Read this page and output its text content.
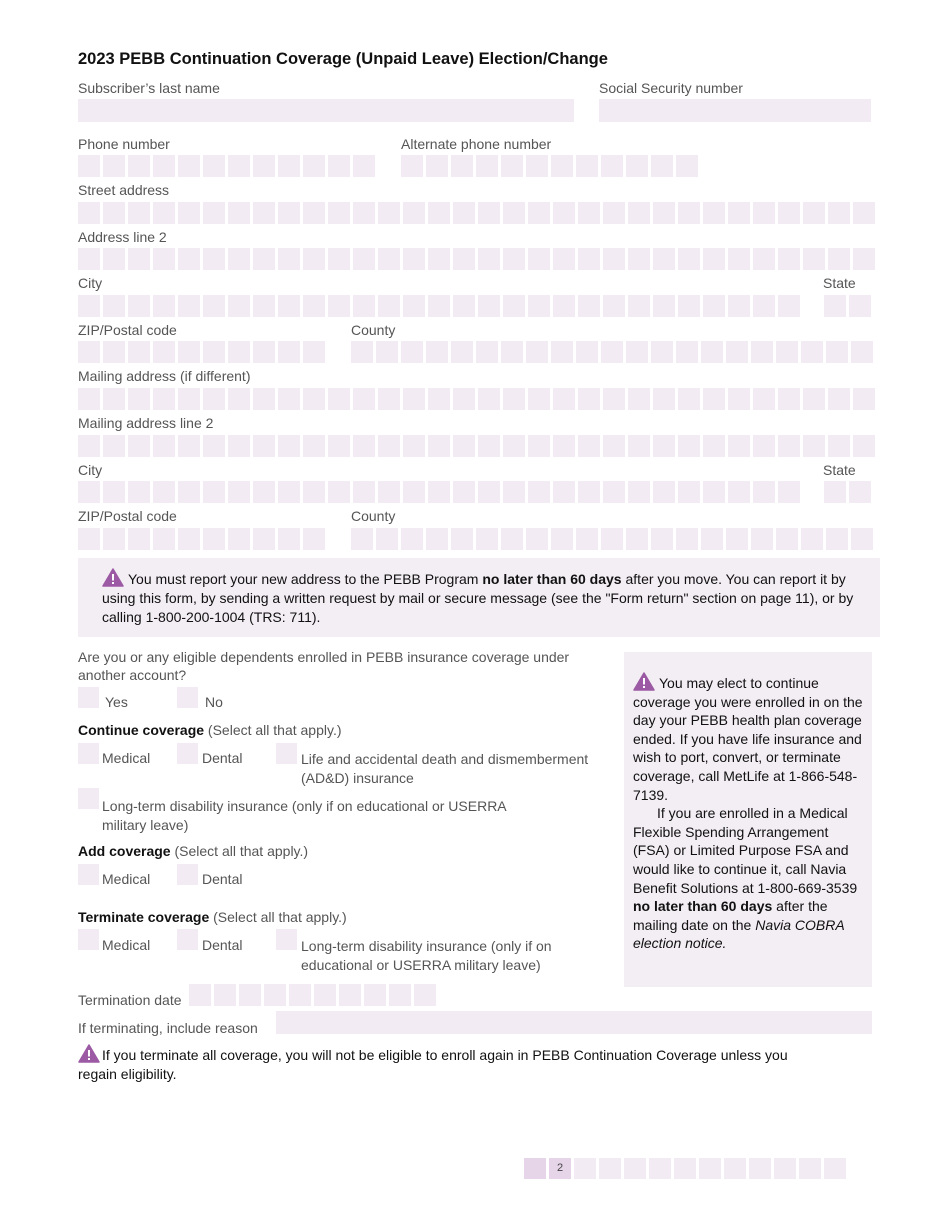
2023 PEBB Continuation Coverage (Unpaid Leave) Election/Change
Subscriber’s last name	Social Security number
Phone number	Alternate phone number
Street address
Address line 2
City	State
ZIP/Postal code	County
Mailing address (if different)
Mailing address line 2
City	State
ZIP/Postal code	County
You must report your new address to the PEBB Program no later than 60 days after you move. You can report it by using this form, by sending a written request by mail or secure message (see the "Form return" section on page 11), or by calling 1-800-200-1004 (TRS: 711).
Are you or any eligible dependents enrolled in PEBB insurance coverage under another account?
Yes	No
Continue coverage (Select all that apply.)
Medical	Dental	Life and accidental death and dismemberment (AD&D) insurance
Long-term disability insurance (only if on educational or USERRA military leave)
Add coverage (Select all that apply.)
Medical	Dental
Terminate coverage (Select all that apply.)
Medical	Dental	Long-term disability insurance (only if on educational or USERRA military leave)
You may elect to continue coverage you were enrolled in on the day your PEBB health plan coverage ended. If you have life insurance and wish to port, convert, or terminate coverage, call MetLife at 1-866-548-7139.
If you are enrolled in a Medical Flexible Spending Arrangement (FSA) or Limited Purpose FSA and would like to continue it, call Navia Benefit Solutions at 1-800-669-3539 no later than 60 days after the mailing date on the Navia COBRA election notice.
Termination date
If terminating, include reason
If you terminate all coverage, you will not be eligible to enroll again in PEBB Continuation Coverage unless you regain eligibility.
2
